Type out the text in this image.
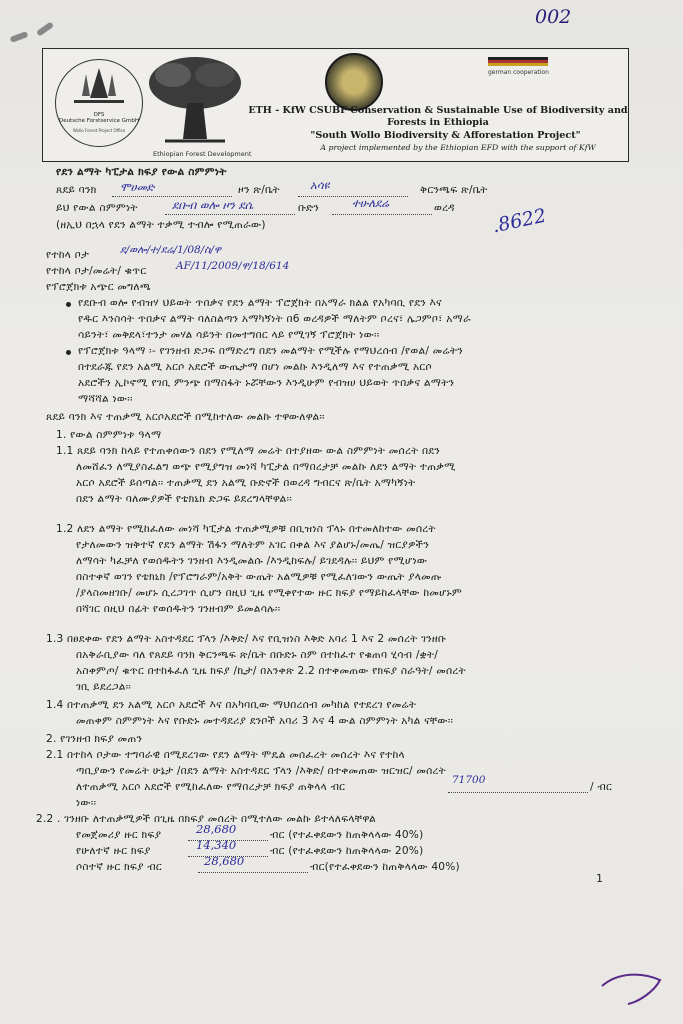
002
DFS
Deutsche Forstservice GmbH
Wollo Forest Project Office
Ethiopian Forest Development
german cooperation
ETH - KfW CSUBF Conservation & Sustainable Use of Biodiversity and Forests in Ethiopia
"South Wollo Biodiversity & Afforestation Project"
A project implemented by the Ethiopian EFD with the support of KfW
የደን ልማት ካፒታል ክፍያ የውል ስምምነት
ጸደይ ባንክ ሞሀመድ	ዞን ጽ/ቤት	አሳዩ	ቅርንጫፍ ጽ/ቤት
ይህ የውል ስምምነት	ደቡብ ወሎ ዞን ደሴ	ቡድን	ተሁለደሬ	ወረዳ .8622
(ዘኢህ በኋላ የደን ልማት ተቃሚ ተብሎ የሚጠራው)
የተከላ ቦታ	ደ/ወሎ/ተ/ደሬ/1/08/ስ/ዋ
የተከላ ቦታ/መሬት/ ቁጥር	AF/11/2009/ዋ/18/614
የፕሮጀክቱ አጭር መግለጫ
የደቡብ ወሎ የብዝሃ ህይወት ጥበቃና የደን ልማት ፕሮጀክት በአማራ ክልል የአካባቢ የደን እና
የዱር እንስሳት ጥበቃና ልማት ባለስልጣን አማካኝነት በ6 ወረዳዎች ማለትም ቦረና፣ ሌጋምቦ፣ አማራ
ሳይንት፣ መቅደላ፣ተንታ መሃል ሳይንት በመተግበር ላይ የሚገኝ ፕሮጀክት ነው፡፡
የፕሮጀክቱ ዓላማ ፡- የገንዘብ ድጋፍ በማድረግ በደን መልማት የሚችሉ የማህረሰብ /የወል/ መሬትን
በተደራጁ የደን አልሚ አርሶ አደሮች ውጤታማ በሆነ መልኩ እንዲለማ እና የተጠቃሚ አርሶ
አደሮችን ኢኮኖሚ የገቢ ምንጭ በማስፋት ኑሯቸውን እንዲሁም የብዝሀ ህይወት ጥበቃና ልማትን
ማሻሻል ነው፡፡
ጸደይ ባንክ እና ተጠቃሚ አርሶአደሮች በሚከተለው መልኩ ተዋውለዋል፡፡
1. የውል ስምምነቱ ዓላማ
1.1 ጸደይ ባንክ ከላይ የተጠቀሰውን በደን የሚለማ መሬት በተያዘው ውል ስምምነት መሰረት በደን
ለመሸፈን ለሚያስፈልግ ወጭ የሚያግዝ መነሻ ካፒታል በማበረታቻ መልኩ ለደን ልማት ተጠቃሚ
አርሶ አደሮች ይሰጣል፡፡ ተጠቃሚ ደን አልሚ ቡድኖች በወረዳ ግብርና ጽ/ቤት አማካኝነት
በደን ልማት ባለሙያዎች የቴክኒክ ድጋፍ ይደረግላቸዋል፡፡
1.2 ለደን ልማት የሚከፈለው መነሻ ካፒታል ተጠቃሚዎቹ በቢዝነስ ፕላኑ በተመለከተው መሰረት
የታለመውን ዝቅተኛ የደን ልማት ሽፋን ማለትም አገር በቀል እና ያልሆኑ/መጤ/ ዝርያዎችን
ለማሳት ካፈቻለ የወሰዱትን ገንዘብ እንዲመልሱ /እንዲከፍሉ/ ይገደዳሉ፡፡ ይህም የሚሆነው
በስተቀኛ ወገን የቴክኒክ /የፕሮግራም/አቅት ውጤት አልሚዎቹ የሚፈለገውን ውጤት ያላመጡ
/ያላስመዘገቡ/ መሆኑ ሲረጋገጥ ሲሆን በዚህ ጊዜ የሚቀየተው ዙር ክፍያ የማይከፈላቸው ከመሆኑም
በሻገር በዚህ በፊት የወሰዱትን ገንዘብም ይመልሳሉ፡፡
1.3 በፀደቀው የደን ልማት አስተዳደር ፕላን /እቅድ/ እና የቢዝነስ እቅድ አባሪ 1 እና 2 መሰረት ገንዘቡ
በአቅራቢያው ባለ የጸደይ ባንክ ቅርንጫፍ ጽ/ቤት በቡድኑ ስም በተከፈተ የቁጠባ ሂሳብ /ቋት/
አስቀምጦ/ ቁጥር በተከፋፈለ ጊዜ ክፍያ /ኪታ/ በአንቀጽ 2.2 በተቀመጠው የክፍያ ስራዓት/ መሰረት
ገቢ ይደረጋል፡፡
1.4 በተጠቃሚ ደን አልሚ አርሶ አደሮች እና በአካባቢው ማህበረሰብ መካከል የተደረገ የመሬት
መጠቀም ስምምነት እና የቡድኑ መተዳደሪያ ደንቦች አባሪ 3 እና 4 ውል ስምምነት አካል ናቸው፡፡
2. የገንዘብ ክፍያ መጠን
2.1 በተከላ ቦታው ተግባራዊ በሚደረገው የደን ልማት ሞዴል መሰፈረት መሰረት እና የተከላ
ጣቢያውን የመሬት ሁኔታ /በደን ልማት አስተዳደር ፕላን /እቅድ/ በተቀመጠው ዝርዝር/ መሰረት
ለተጠቃሚ አርሶ አደሮች የሚከፈለው የማበረታቻ ክፍያ ጠቅላላ ብር
71700
/ ብር
ነው፡፡
2.2 . ገንዘቡ ለተጠቃሚዎች በጊዜ በክፍያ መሰረት በሚተለው መልኩ ይተላለፍላቸዋል
የመጀመሪያ ዙር ክፍያ	28,680	ብር (የተፈቀደውን ከጠቅላላው 40%)
የሁለተኛ ዙር ክፍያ	14,340	ብር (የተፈቀደውን ከጠቅላላው 20%)
ሶስተኛ ዙር ክፍያ ብር	28,680	ብር(የተፈቀደውን ከጠቅላላው 40%)
1
